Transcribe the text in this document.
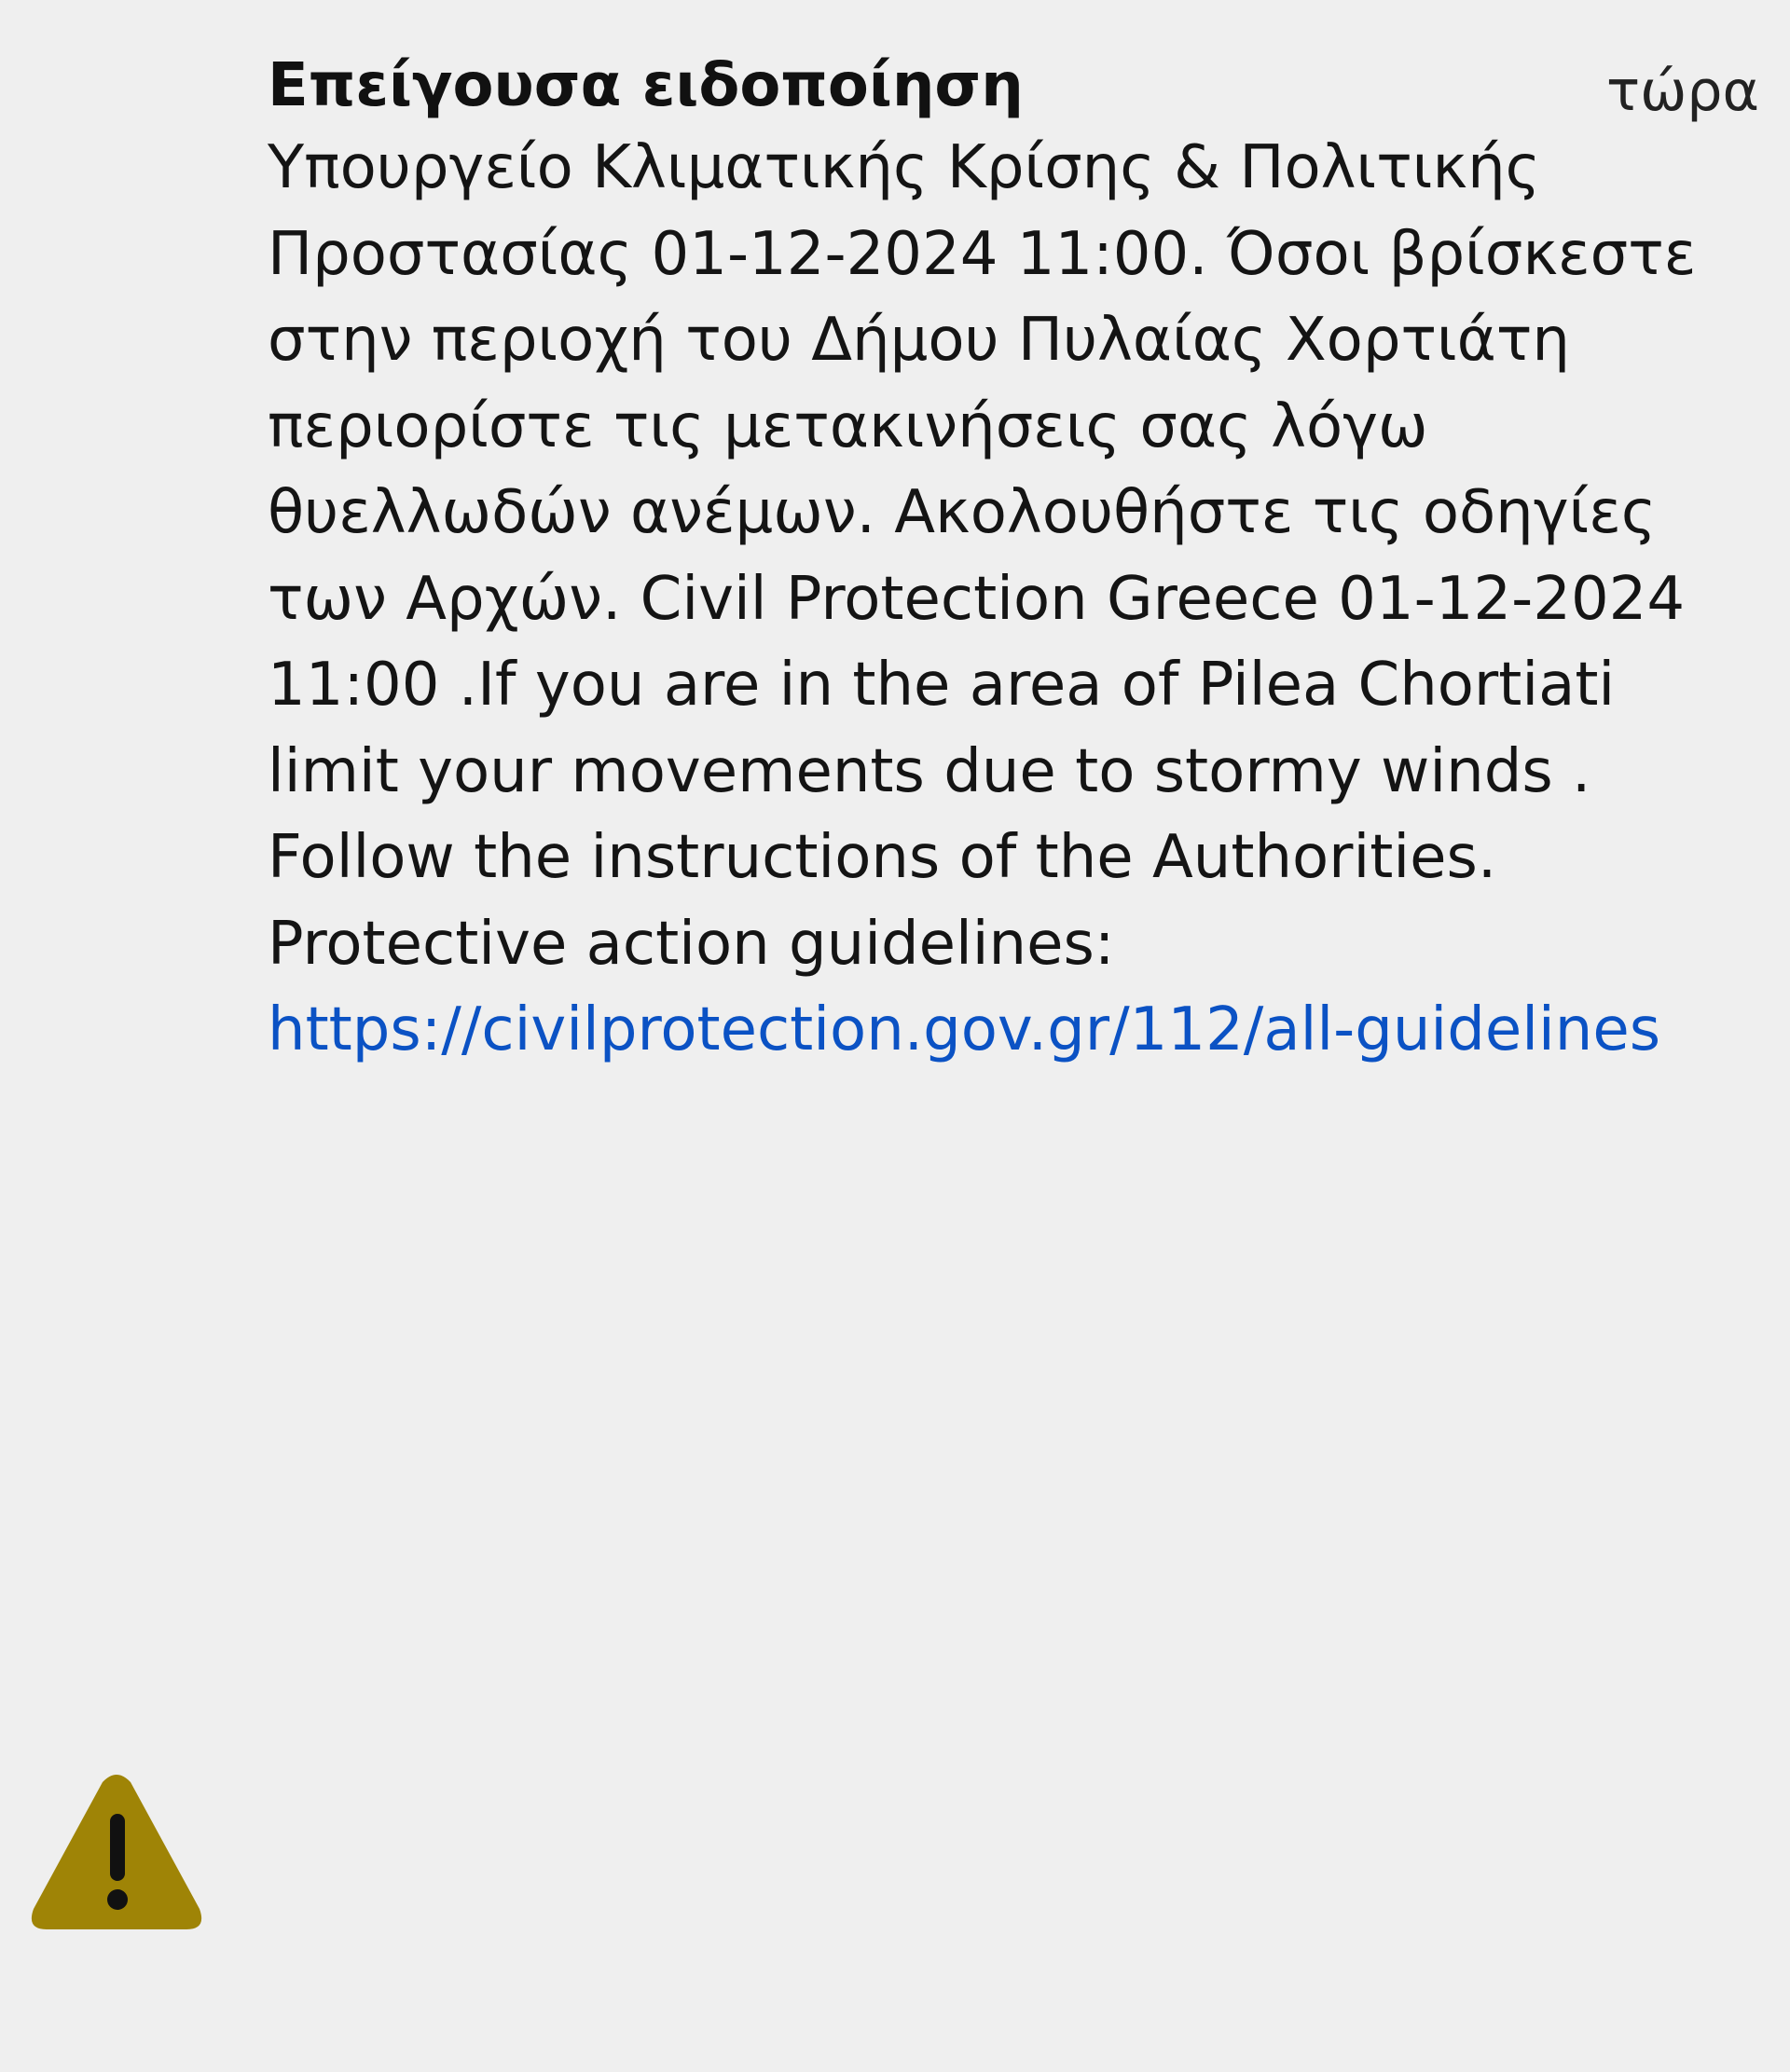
Επείγουσα ειδοποίηση	τώρα
Υπουργείο Κλιματικής Κρίσης & Πολιτικής Προστασίας 01-12-2024 11:00. Όσοι βρίσκεστε στην περιοχή του Δήμου Πυλαίας Χορτιάτη περιορίστε τις μετακινήσεις σας λόγω θυελλωδών ανέμων. Ακολουθήστε τις οδηγίες των Αρχών. Civil Protection Greece 01-12-2024 11:00 .If you are in the area of Pilea Chortiati limit your movements due to stormy winds . Follow the instructions of the Authorities. Protective action guidelines: https://civilprotection.gov.gr/112/all-guidelines
